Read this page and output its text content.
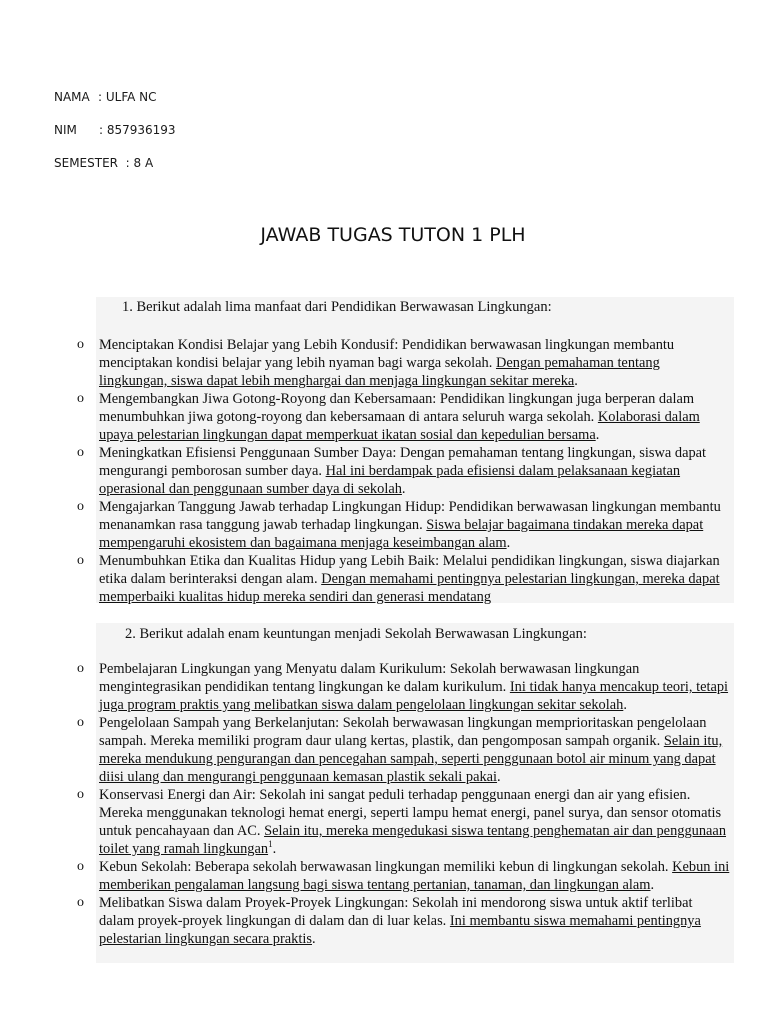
NAMA : ULFA NC
NIM : 857936193
SEMESTER  : 8 A
JAWAB TUGAS TUTON 1 PLH
1. Berikut adalah lima manfaat dari Pendidikan Berwawasan Lingkungan:
o Menciptakan Kondisi Belajar yang Lebih Kondusif: Pendidikan berwawasan lingkungan membantu menciptakan kondisi belajar yang lebih nyaman bagi warga sekolah. Dengan pemahaman tentang lingkungan, siswa dapat lebih menghargai dan menjaga lingkungan sekitar mereka.
o Mengembangkan Jiwa Gotong-Royong dan Kebersamaan: Pendidikan lingkungan juga berperan dalam menumbuhkan jiwa gotong-royong dan kebersamaan di antara seluruh warga sekolah. Kolaborasi dalam upaya pelestarian lingkungan dapat memperkuat ikatan sosial dan kepedulian bersama.
o Meningkatkan Efisiensi Penggunaan Sumber Daya: Dengan pemahaman tentang lingkungan, siswa dapat mengurangi pemborosan sumber daya. Hal ini berdampak pada efisiensi dalam pelaksanaan kegiatan operasional dan penggunaan sumber daya di sekolah.
o Mengajarkan Tanggung Jawab terhadap Lingkungan Hidup: Pendidikan berwawasan lingkungan membantu menanamkan rasa tanggung jawab terhadap lingkungan. Siswa belajar bagaimana tindakan mereka dapat mempengaruhi ekosistem dan bagaimana menjaga keseimbangan alam.
o Menumbuhkan Etika dan Kualitas Hidup yang Lebih Baik: Melalui pendidikan lingkungan, siswa diajarkan etika dalam berinteraksi dengan alam. Dengan memahami pentingnya pelestarian lingkungan, mereka dapat memperbaiki kualitas hidup mereka sendiri dan generasi mendatang
2. Berikut adalah enam keuntungan menjadi Sekolah Berwawasan Lingkungan:
o Pembelajaran Lingkungan yang Menyatu dalam Kurikulum: Sekolah berwawasan lingkungan mengintegrasikan pendidikan tentang lingkungan ke dalam kurikulum. Ini tidak hanya mencakup teori, tetapi juga program praktis yang melibatkan siswa dalam pengelolaan lingkungan sekitar sekolah.
o Pengelolaan Sampah yang Berkelanjutan: Sekolah berwawasan lingkungan memprioritaskan pengelolaan sampah. Mereka memiliki program daur ulang kertas, plastik, dan pengomposan sampah organik. Selain itu, mereka mendukung pengurangan dan pencegahan sampah, seperti penggunaan botol air minum yang dapat diisi ulang dan mengurangi penggunaan kemasan plastik sekali pakai.
o Konservasi Energi dan Air: Sekolah ini sangat peduli terhadap penggunaan energi dan air yang efisien. Mereka menggunakan teknologi hemat energi, seperti lampu hemat energi, panel surya, dan sensor otomatis untuk pencahayaan dan AC. Selain itu, mereka mengedukasi siswa tentang penghematan air dan penggunaan toilet yang ramah lingkungan$^1$.
o Kebun Sekolah: Beberapa sekolah berwawasan lingkungan memiliki kebun di lingkungan sekolah. Kebun ini memberikan pengalaman langsung bagi siswa tentang pertanian, tanaman, dan lingkungan alam.
o Melibatkan Siswa dalam Proyek-Proyek Lingkungan: Sekolah ini mendorong siswa untuk aktif terlibat dalam proyek-proyek lingkungan di dalam dan di luar kelas. Ini membantu siswa memahami pentingnya pelestarian lingkungan secara praktis.
